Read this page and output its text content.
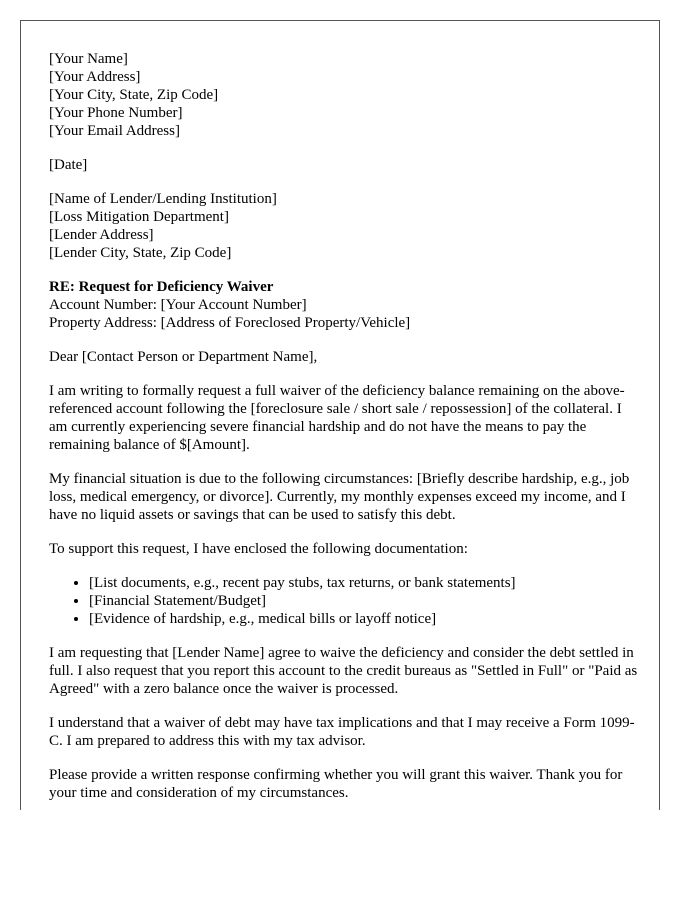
[Your Name]
[Your Address]
[Your City, State, Zip Code]
[Your Phone Number]
[Your Email Address]
[Date]
[Name of Lender/Lending Institution]
[Loss Mitigation Department]
[Lender Address]
[Lender City, State, Zip Code]
RE: Request for Deficiency Waiver
Account Number: [Your Account Number]
Property Address: [Address of Foreclosed Property/Vehicle]
Dear [Contact Person or Department Name],

I am writing to formally request a full waiver of the deficiency balance remaining on the above-referenced account following the [foreclosure sale / short sale / repossession] of the collateral. I am currently experiencing severe financial hardship and do not have the means to pay the remaining balance of $[Amount].

My financial situation is due to the following circumstances: [Briefly describe hardship, e.g., job loss, medical emergency, or divorce]. Currently, my monthly expenses exceed my income, and I have no liquid assets or savings that can be used to satisfy this debt.

To support this request, I have enclosed the following documentation:

• [List documents, e.g., recent pay stubs, tax returns, or bank statements]
• [Financial Statement/Budget]
• [Evidence of hardship, e.g., medical bills or layoff notice]

I am requesting that [Lender Name] agree to waive the deficiency and consider the debt settled in full. I also request that you report this account to the credit bureaus as "Settled in Full" or "Paid as Agreed" with a zero balance once the waiver is processed.

I understand that a waiver of debt may have tax implications and that I may receive a Form 1099-C. I am prepared to address this with my tax advisor.

Please provide a written response confirming whether you will grant this waiver. Thank you for your time and consideration of my circumstances.
